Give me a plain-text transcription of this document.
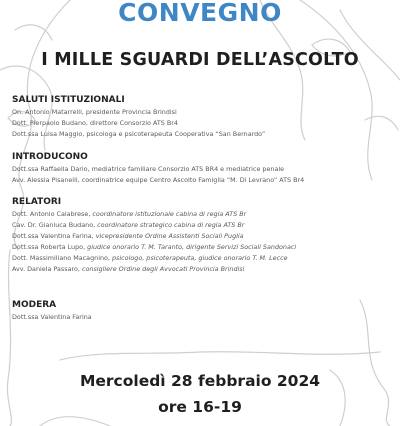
CONVEGNO
I MILLE SGUARDI DELL’ASCOLTO
SALUTI ISTITUZIONALI
On. Antonio Matarrelli, presidente Provincia Brindisi
Dott. Pierpaolo Budano, direttore Consorzio ATS Br4
Dott.ssa Luisa Maggio, psicologa e psicoterapeuta Cooperativa “San Bernardo”
INTRODUCONO
Dott.ssa Raffaella Dario, mediatrice familiare Consorzio ATS BR4 e mediatrice penale
Avv. Alessia Pisanelli, coordinatrice equipe Centro Ascolto Famiglia “M. Di Levrano” ATS Br4
RELATORI
Dott. Antonio Calabrese, coordinatore istituzionale cabina di regia ATS Br
Cav. Dr. Gianluca Budano, coordinatore strategico cabina di regia ATS Br
Dott.ssa Valentina Farina, vicepresidente Ordine Assistenti Sociali Puglia
Dott.ssa Roberta Lupo, giudice onorario T. M. Taranto, dirigente Servizi Sociali Sandonaci
Dott. Massimiliano Macagnino, psicologo, psicoterapeuta, giudice onorario T. M. Lecce
Avv. Daniela Passaro, consigliere Ordine degli Avvocati Provincia Brindisi
MODERA
Dott.ssa Valentina Farina
Mercoledì 28 febbraio 2024
ore 16-19
